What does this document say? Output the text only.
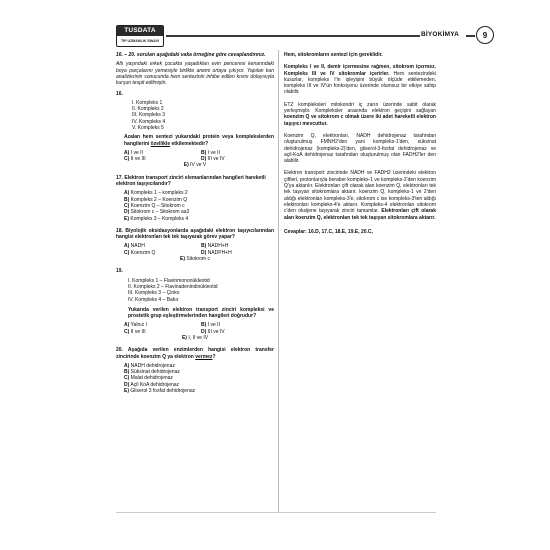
TUSDATA
TIP UZMANLIK SINAVI
BİYOKİMYA	9

16. – 20. soruları aşağıdaki vaka örneğine göre cevaplandırınız.

Altı yaşındaki erkek çocukta yaşadıkları evin penceresi kenarındaki boya parçalarını yemesiyle birlikte anemi ortaya çıkıyor. Yapılan kan analizlerinin sonucunda hem sentezinin inhibe edilen kısmı dolayısıyla kurşun tespit edilmiştir.

16.
I. Kompleks 1
II. Kompleks 2
III. Kompleks 3
IV. Kompleks 4
V. Kompleks 5

Azalan hem sentezi yukarıdaki protein veya komplekslerden hangilerini özellikle etkilemektedir?

A) I ve II	B) I ve II
C) II ve III	D) III ve IV
E) IV ve V

17. Elektron transport zinciri elemanlarından hangileri hareketli elektron taşıyıcılarıdır?

A) Kompleks 1 – kompleks 2
B) Kompleks 2 – Koenzim Q
C) Koenzim Q – Sitokrom c
D) Sitokrom c – Sitokrom aa3
E) Kompleks 3 – Kompleks 4

18. Biyolojik oksidasyonlarda aşağıdaki elektron taşıyıcılarından hangisi elektronları tek tek taşıyarak görev yapar?

A) NADH	B) NADH+H
C) Koenzim Q	D) NADPH+H
E) Sitokrom c
19.
I. Kompleks 1 – Flavinmononükleotid
II. Kompleks 2 – Flavinadenindinükleotid
III. Kompleks 3 – Çinko
IV. Kompleks 4 – Bakır

Yukarıda verilen elektron transport zinciri kompleksi ve prostetik grup eşleştirmelerinden hangileri doğrudur?

A) Yalnız I	B) I ve II
C) II ve III	D) III ve IV
E) I, II ve IV

20. Aşağıda verilen enzimlerden hangisi elektron transfer zincirinde koenzim Q ya elektron vermez?

A) NADH dehidrojenaz
B) Süksinat dehidrojenaz
C) Malat dehidrojenaz
D) Açil KoA dehidrojenaz
E) Gliserol 3 fosfat dehidrojenaz

Hem, sitokromların sentezi için gereklidir.

Kompleks I ve II, demir içermesine rağmen, sitokrom içermez. Kompleks III ve IV sitokromlar içerirler. Hem sentezindeki kusurlar, kompleks I'in işleyişini büyük ölçüde etkilemeden, kompleks III ve IV'ün fonksiyonu üzerinde olumsuz bir etkiye sahip olabilir.

ETZ kompleksleri mitokondri iç zarın üzerinde sabit olarak yerleşmiştir. Kompleksler arasında elektron geçişini sağlayan koenzim Q ve sitokrom c olmak üzere iki adet hareketli elektron taşıyıcı mevcuttur.

Koenzim Q, elektronları, NADH dehidrojenaz tarafından oluşturulmuş FMNH2'den yani kompleks-1'den, süksinat dehidrojenaz (kompleks-2)'den, gliserol-3-fosfat dehidrojenaz ve açil-KoA dehidrojenaz tarafından oluşturulmuş olan FADH2'ler den alabilir.

Elektron transport zincirinde NADH ve FADH2 üzerindeki elektron çiftleri, protonlarıyla beraber kompleks-1 ve kompleks-2'den koenzim Q'ya aktarılır. Elektronları çift olarak alan koenzim Q, elektronları tek tek taşıyan sitokromlara aktarır. koenzim Q, kompleks-1 ve 2'den aldığı elektronları kompleks-3'e, sitokrom c ise kompleks-3'ten aldığı elektronları kompleks-4'e aktarır. Kompleks-4 elektronları sitokrom c'den oksijene taşıyarak zinciri tamamlar. Elektronları çift olarak alan koenzim Q, elektronları tek tek taşıyan sitokromlara aktarır.

Cevaplar: 16.D, 17.C, 18.E, 19.E, 20.C,
